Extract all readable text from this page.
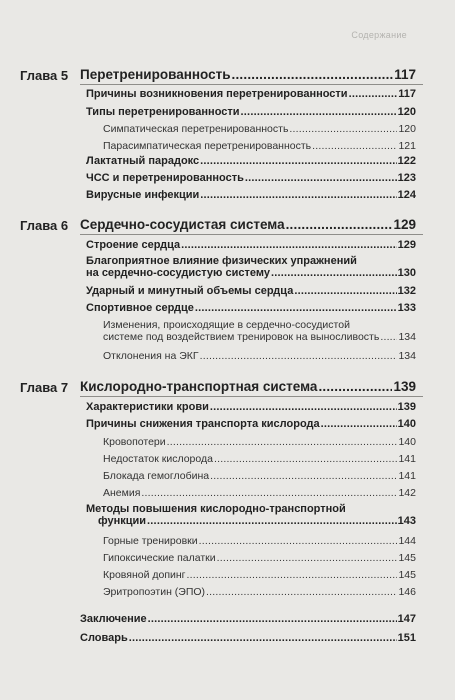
Содержание
Глава 5 Перетренированность .....	117
Причины возникновения перетренированности .....	117
Типы перетренированности .....	120
Симпатическая перетренированность .....	120
Парасимпатическая перетренированность .....	121
Лактатный парадокс .....	122
ЧСС и перетренированность .....	123
Вирусные инфекции .....	124
Глава 6 Сердечно-сосудистая система .....	129
Строение сердца .....	129
Благоприятное влияние физических упражнений
на сердечно-сосудистую систему .....	130
Ударный и минутный объемы сердца .....	132
Спортивное сердце .....	133
Изменения, происходящие в сердечно-сосудистой
системе под воздействием тренировок на выносливость ..... 134
Отклонения на ЭКГ .....	134
Глава 7 Кислородно-транспортная система .....	139
Характеристики крови .....	139
Причины снижения транспорта кислорода .....	140
Кровопотери .....	140
Недостаток кислорода .....	141
Блокада гемоглобина .....	141
Анемия .....	142
Методы повышения кислородно-транспортной
функции .....	143
Горные тренировки .....	144
Гипоксические палатки .....	145
Кровяной допинг .....	145
Эритропоэтин (ЭПО) .....	146
Заключение .....	147
Словарь .....	151
